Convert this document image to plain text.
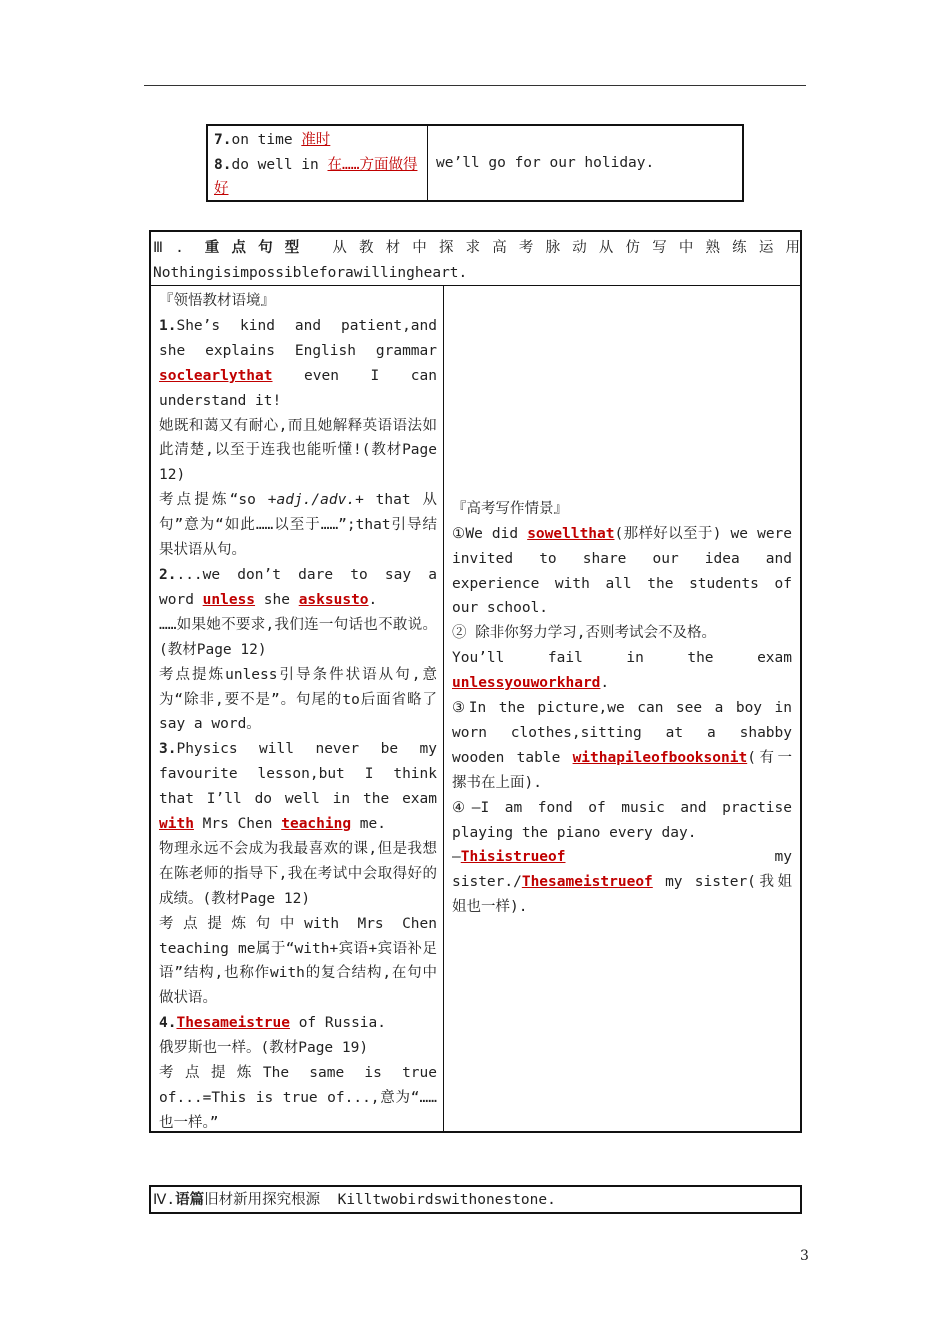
7.on time 准时

8.do well in 在……方面做得好

we’ll go for our holiday.
Ⅲ. 重点句型 从教材中探求高考脉动从仿写中熟练运用
Nothingisimpossibleforawillingheart.

『领悟教材语境』

1.She’s kind and patient,and she explains English grammar soclearlythat even I can understand it!

她既和蔼又有耐心,而且她解释英语语法如此清楚,以至于连我也能听懂!(教材Page 12)

考点提炼“so +adj./adv.+ that 从句”意为“如此……以至于……”;that引导结果状语从句。

2....we don’t dare to say a word unless she asksusto.

……如果她不要求,我们连一句话也不敢说。(教材Page 12)

考点提炼unless引导条件状语从句,意为“除非,要不是”。句尾的to后面省略了say a word。

3.Physics will never be my favourite lesson,but I think that I’ll do well in the exam with Mrs Chen teaching me.

物理永远不会成为我最喜欢的课,但是我想在陈老师的指导下,我在考试中会取得好的成绩。(教材Page 12)

考点提炼句中with Mrs Chen teaching me属于“with+宾语+宾语补足语”结构,也称作with的复合结构,在句中做状语。

4.Thesameistrue of Russia.

俄罗斯也一样。(教材Page 19)

考点提炼The same is true of...=This is true of...,意为“……也一样。”

『高考写作情景』

①We did sowellthat(那样好以至于) we were invited to share our idea and experience with all the students of our school.

② 除非你努力学习,否则考试会不及格。

You’ll fail in the exam unlessyouworkhard.

③In the picture,we can see a boy in worn clothes,sitting at a shabby wooden table withapileofbooksonit(有一摞书在上面).

④—I am fond of music and practise playing the piano every day.

—Thisistrueof my sister./Thesameistrueof my sister(我姐姐也一样).

Ⅳ.语篇旧材新用探究根源 Killtwobirdswithonestone.
3
